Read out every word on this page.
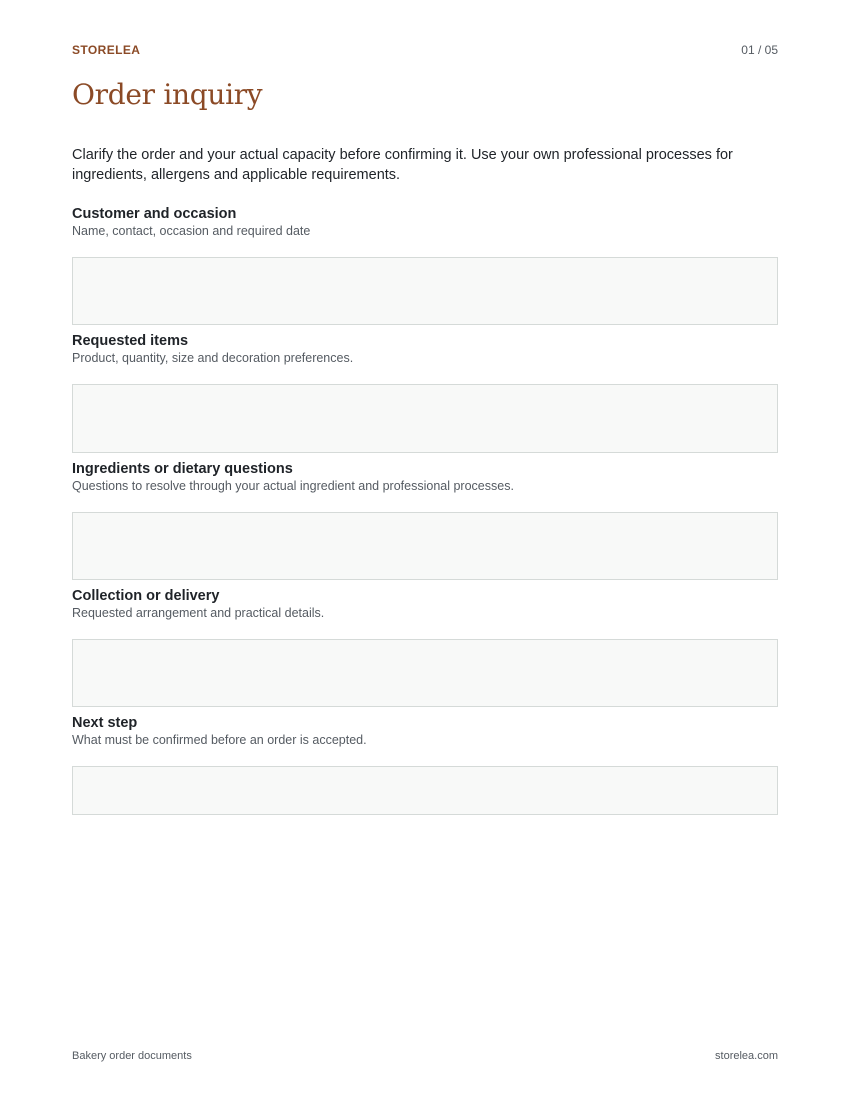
STORELEA	01 / 05
Order inquiry

Clarify the order and your actual capacity before confirming it. Use your own professional processes for ingredients, allergens and applicable requirements.

Customer and occasion

Name, contact, occasion and required date

Requested items

Product, quantity, size and decoration preferences.

Ingredients or dietary questions

Questions to resolve through your actual ingredient and professional processes.

Collection or delivery

Requested arrangement and practical details.

Next step

What must be confirmed before an order is accepted.

Bakery order documents	storelea.com
